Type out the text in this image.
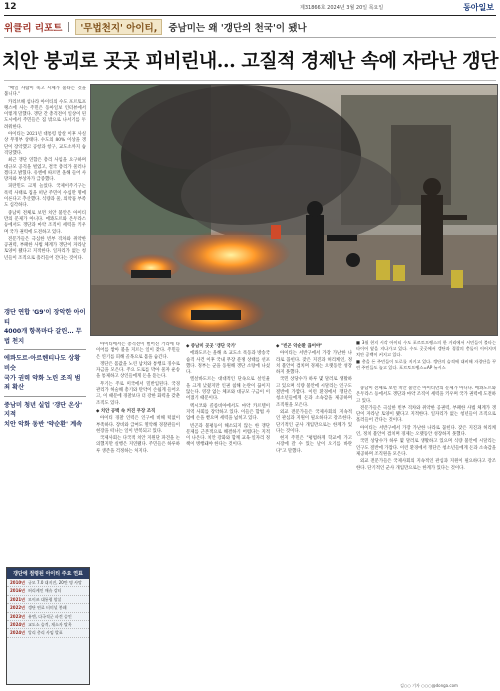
12	제31866호 2024년 3월 20일 목요일	동아일보
위클리 리포트	'무법천지' 아이티,	중남미는 왜 '갱단의 천국'이 됐나
치안 붕괴로 곳곳 피비린내… 고질적 경제난 속에 자라난 갱단

"매일 사람이 죽고 시체가 불타는 것을 봅니다."

카리브해 섬나라 아이티의 수도 포르토프랭스에 사는 주민은 동아일보 인터뷰에서 이렇게 말했다. 갱단 간 총격전이 일상이 된 도시에서 주민들은 집 밖으로 나서기를 두려워한다.

아이티는 2021년 대통령 암살 이후 사실상 무정부 상태다. 수도의 80% 이상을 갱단이 장악했고 공항과 항구, 교도소까지 습격당했다.

최근 갱단 연합은 총리 사임을 요구하며 대규모 공격을 벌였고, 결국 총리가 물러나겠다고 밝혔다. 유엔에 따르면 올해 들어 사망자와 부상자가 급증했다.

피란민도 크게 늘었다. 국제이주기구는 폭력 사태로 집을 떠난 주민이 수십만 명에 이른다고 추산했다. 식량과 물, 의약품 부족도 심각하다.

중남미 전체로 보면 치안 불안은 아이티만의 문제가 아니다. 에콰도르와 온두라스 등에서도 갱단과 마약 조직이 세력을 키우며 국가 권력에 도전하고 있다.

전문가들은 극심한 빈부 격차와 취약한 공권력, 부패한 사법 체계가 갱단이 자라날 토양이 됐다고 지적한다. 일자리가 없는 청년들이 조직으로 흘러들어 간다는 것이다.

■ 3월 현지 시각 아이티 수도 포르토프랭스의 한 거리에서 시민들이 불타는 타이어 옆을 지나가고 있다. 수도 곳곳에서 갱단과 경찰의 충돌이 이어지며 치안 공백이 커지고 있다.

■ 총을 든 주민들이 도로를 지키고 있다. 갱단의 습격에 대비해 자경단을 꾸린 주민들도 늘고 있다. 포르토프랭스=AP 뉴시스

갱단 연합 'G9'이 장악한 아이티
4000개 항목마다 갈린… 무법 천지
에콰도르·아르헨티나도 상황 비슷
국가 권력 약화 노린 조직 범죄 확산
중남미 청년 실업 '갱단 온상' 지적
치안 악화 동반 '약순환' 계속

아이티에서는 총격전이 벌어진 거리에 타이어를 쌓아 불을 지르는 일이 잦다. 주민들은 연기를 피해 골목으로 몸을 숨긴다.

갱단은 몸값을 노린 납치와 통행료 징수로 자금을 모은다. 주요 도로를 막아 물자 운송을 통제하고 상인들에게 돈을 뜯는다.

무기는 주로 미국에서 밀반입된다. 국경 관리가 허술해 총기와 탄약이 손쉽게 들어오고, 이 때문에 경찰보다 더 강한 화력을 갖춘 조직도 있다.

◆ 치안 공백 속 커진 무장 조직

아이티 경찰 인력은 인구에 비해 턱없이 부족하다. 장비와 급여도 열악해 경찰관들이 현장을 떠나는 일이 반복되고 있다.

국제사회는 다국적 치안 지원단 파견을 논의했지만 실행은 지연됐다. 주민들은 하루하루 생존을 걱정하는 처지다.

◆ 중남미 곳곳 '갱단 국가'

에콰도르는 올해 초 교도소 폭동과 방송국 습격 사건 이후 국내 무장 분쟁 상태를 선포했다. 정부는 군을 동원해 갱단 소탕에 나섰다.

엘살바도르는 대대적인 단속으로 살인율을 크게 낮췄지만 인권 침해 논란이 끊이지 않는다. 영장 없는 체포와 대규모 구금이 이어졌기 때문이다.

멕시코와 콜롬비아에서도 마약 카르텔이 지역 사회를 장악하고 있다. 이들은 합법 사업에 손을 뻗으며 세력을 넓히고 있다.

빈곤과 불평등이 해소되지 않는 한 갱단 문제를 근본적으로 해결하기 어렵다는 지적이 나온다. 치안 강화와 함께 교육·일자리 정책이 병행돼야 한다는 것이다.

◆ "빈곤 악순환 끊어야"

아이티는 서반구에서 가장 가난한 나라로 꼽힌다. 잦은 지진과 허리케인, 정치 불안이 겹치며 경제는 오랫동안 성장하지 못했다.

국민 상당수가 하루 몇 달러로 생활하고 있으며 식량 불안에 시달리는 인구도 절반에 가깝다. 이런 환경에서 갱단은 청소년들에게 돈과 소속감을 제공하며 조직원을 모은다.

외교 전문가들은 국제사회의 지속적인 관심과 지원이 필요하다고 강조한다. 단기적인 군사 개입만으로는 한계가 있다는 것이다.

현지 주민은 "평범하게 학교에 가고 시장에 갈 수 있는 날이 오기를 바란다"고 말했다.

중남미 전체로 보면 치안 불안은 아이티만의 문제가 아니다. 에콰도르와 온두라스 등에서도 갱단과 마약 조직이 세력을 키우며 국가 권력에 도전하고 있다.

전문가들은 극심한 빈부 격차와 취약한 공권력, 부패한 사법 체계가 갱단이 자라날 토양이 됐다고 지적한다. 일자리가 없는 청년들이 조직으로 흘러들어 간다는 것이다.

아이티는 서반구에서 가장 가난한 나라로 꼽힌다. 잦은 지진과 허리케인, 정치 불안이 겹치며 경제는 오랫동안 성장하지 못했다.

국민 상당수가 하루 몇 달러로 생활하고 있으며 식량 불안에 시달리는 인구도 절반에 가깝다. 이런 환경에서 갱단은 청소년들에게 돈과 소속감을 제공하며 조직원을 모은다.

외교 전문가들은 국제사회의 지속적인 관심과 지원이 필요하다고 강조한다. 단기적인 군사 개입만으로는 한계가 있다는 것이다.

갱단에 점령된 아이티 주요 연표
2010년 규모 7.0 대지진, 20만 명 사망
2016년 허리케인 매슈 강타
2021년 모이즈 대통령 암살
2022년 갱단 연료 터미널 봉쇄
2023년 유엔, 다국적군 파견 승인
2024년 교도소 습격, 재소자 탈옥
2024년 앙리 총리 사임 발표
김○○ 기자 ○○○@donga.com
